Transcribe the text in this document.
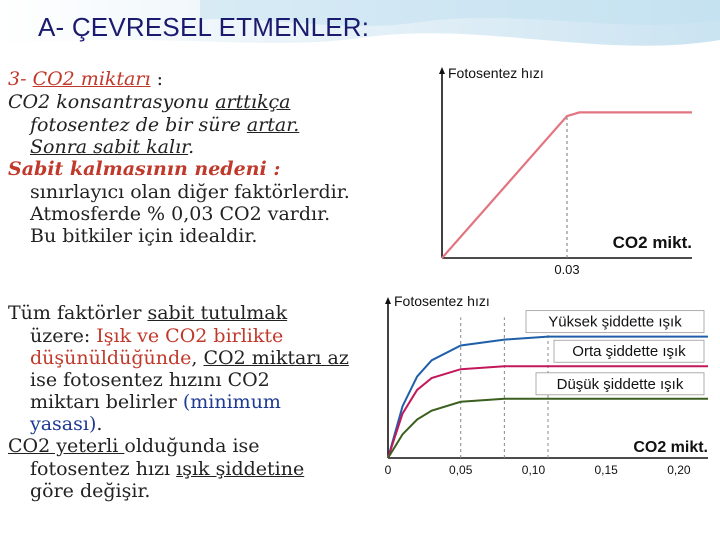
A- ÇEVRESEL ETMENLER:
3- CO2 miktarı :
CO2 konsantrasyonu arttıkça
fotosentez de bir süre artar.
Sonra sabit kalır.
Sabit kalmasının nedeni :
sınırlayıcı olan diğer faktörlerdir.
Atmosferde % 0,03 CO2 vardır.
Bu bitkiler için idealdir.
Fotosentez hızı
CO2 mikt.
0.03
Tüm faktörler sabit tutulmak
üzere: Işık ve CO2 birlikte
düşünüldüğünde, CO2 miktarı az
ise fotosentez hızını CO2
miktarı belirler (minimum
yasası).
CO2 yeterli olduğunda ise
fotosentez hızı ışık şiddetine
göre değişir.
Fotosentez hızı
Yüksek şiddette ışık
Orta şiddette ışık
Düşük şiddette ışık
CO2 mikt.
0	0,05	0,10	0,15	0,20
